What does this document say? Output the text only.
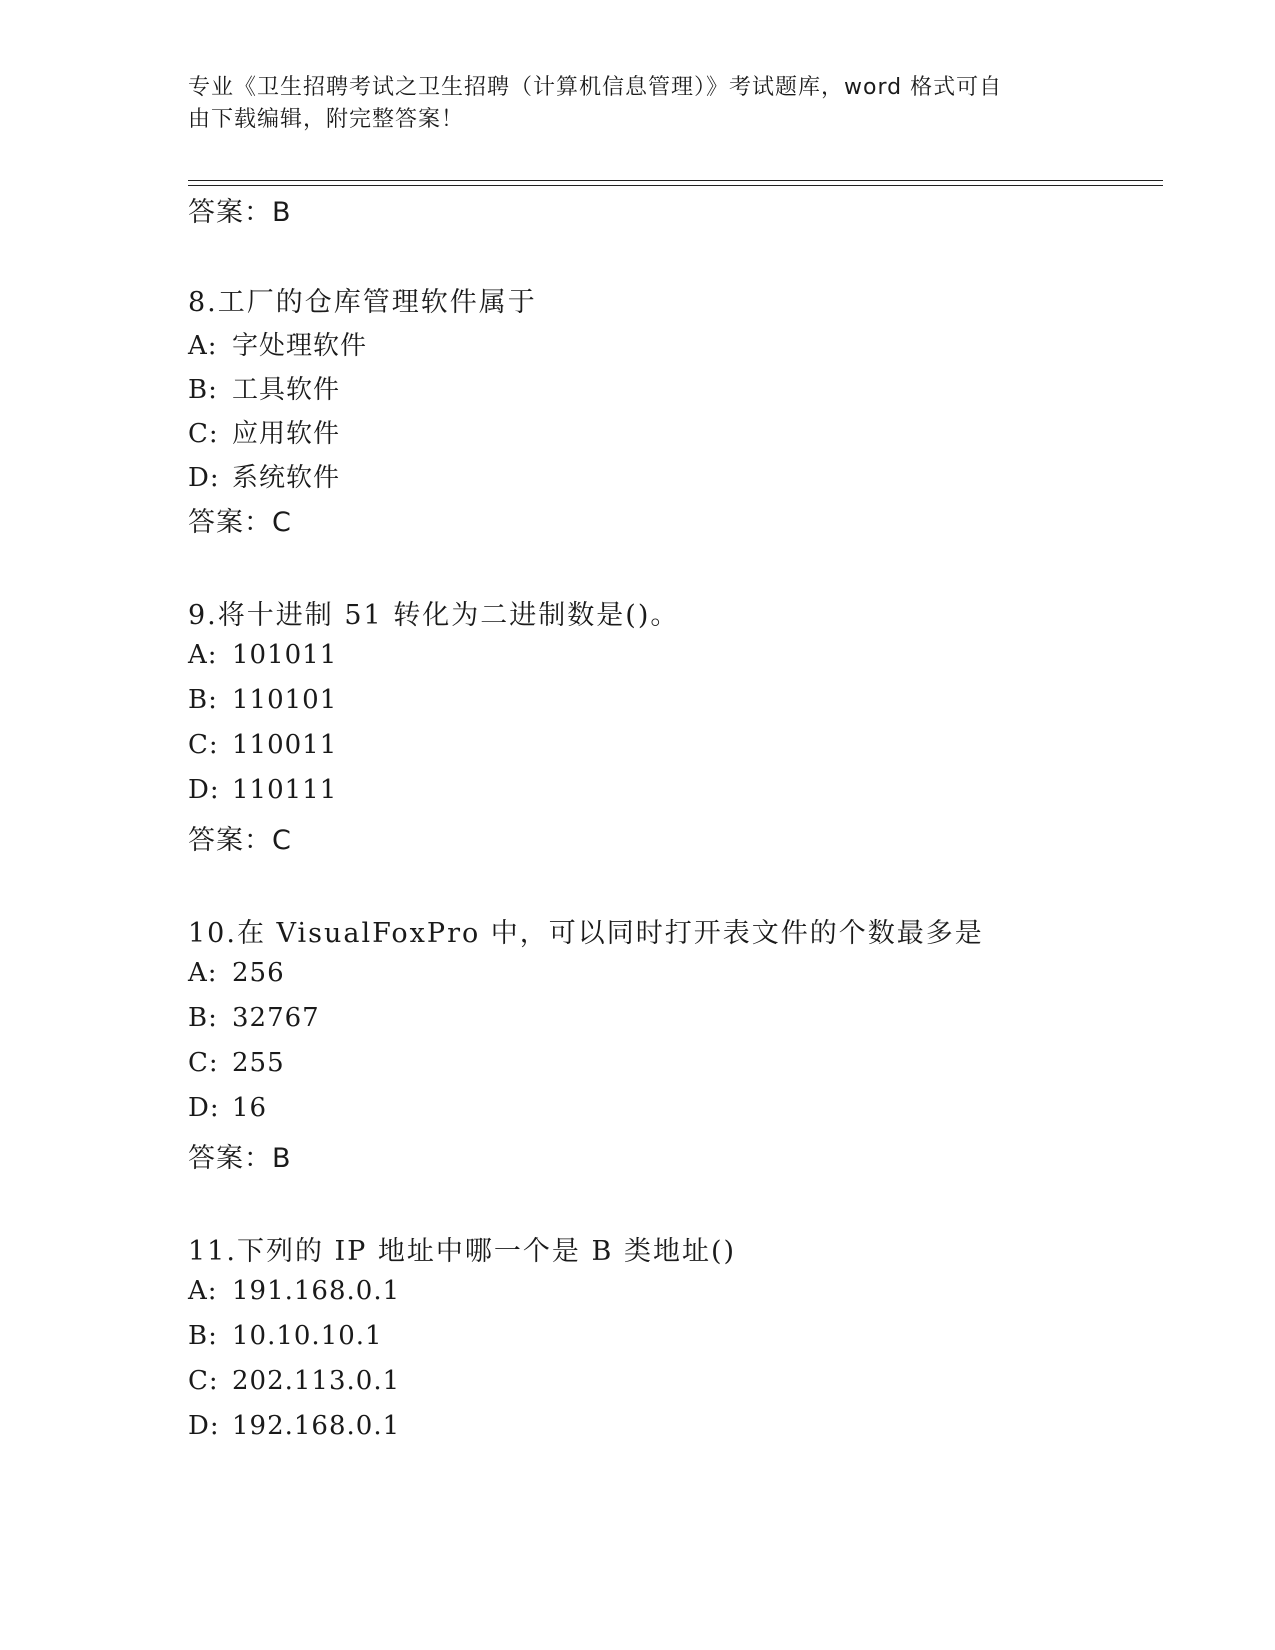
专业《卫生招聘考试之卫生招聘（计算机信息管理）》考试题库，word 格式可自
由下载编辑，附完整答案！
答案：B
8.工厂的仓库管理软件属于
A: 字处理软件
B: 工具软件
C: 应用软件
D: 系统软件
答案：C
9.将十进制 51 转化为二进制数是()。
A: 101011
B: 110101
C: 110011
D: 110111
答案：C
10.在 VisualFoxPro 中，可以同时打开表文件的个数最多是
A: 256
B: 32767
C: 255
D: 16
答案：B
11.下列的 IP 地址中哪一个是 B 类地址()
A: 191.168.0.1
B: 10.10.10.1
C: 202.113.0.1
D: 192.168.0.1
